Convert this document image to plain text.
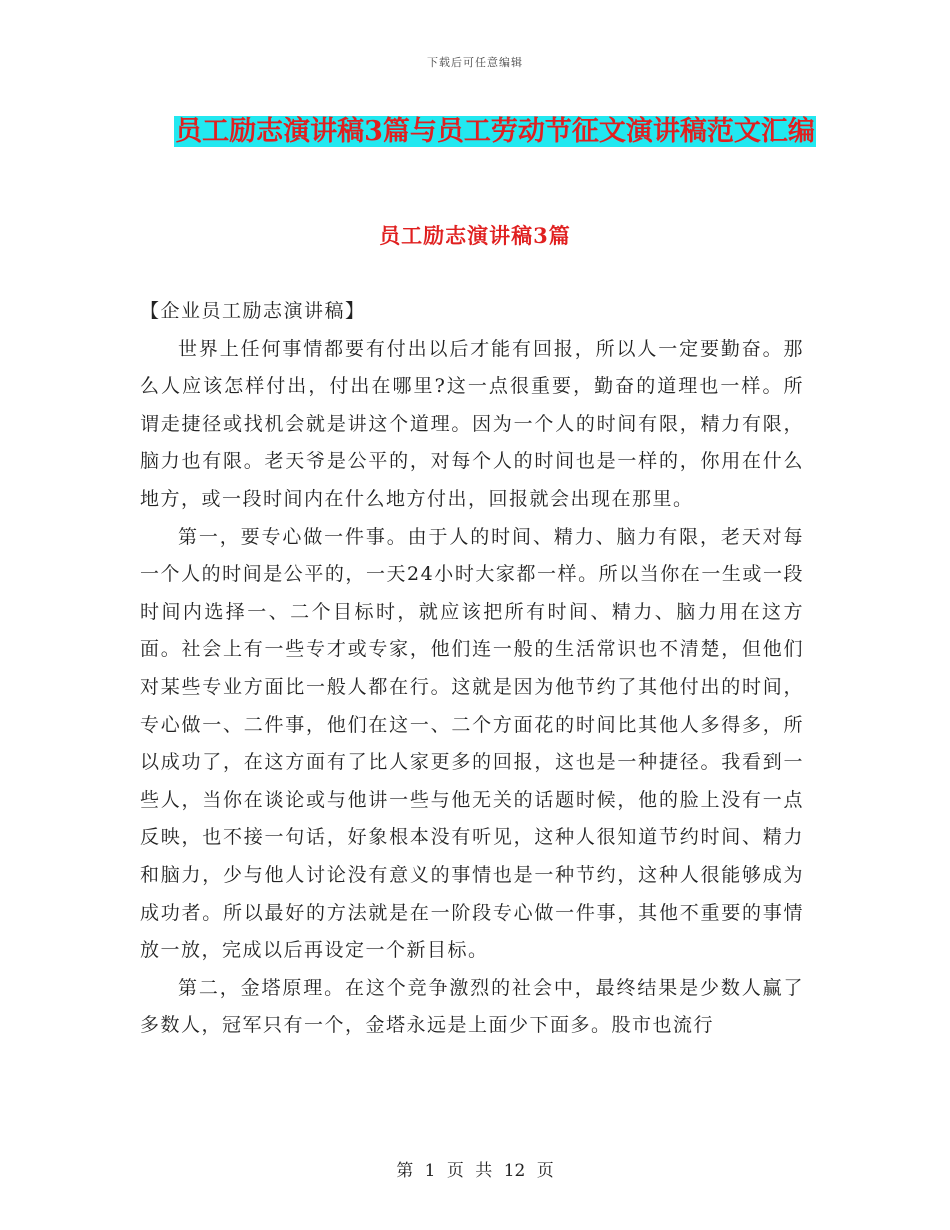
下载后可任意编辑
员工励志演讲稿3篇与员工劳动节征文演讲稿范文汇编
员工励志演讲稿3篇

【企业员工励志演讲稿】

世界上任何事情都要有付出以后才能有回报，所以人一定要勤奋。那么人应该怎样付出，付出在哪里?这一点很重要，勤奋的道理也一样。所谓走捷径或找机会就是讲这个道理。因为一个人的时间有限，精力有限，脑力也有限。老天爷是公平的，对每个人的时间也是一样的，你用在什么地方，或一段时间内在什么地方付出，回报就会出现在那里。

第一，要专心做一件事。由于人的时间、精力、脑力有限，老天对每一个人的时间是公平的，一天24小时大家都一样。所以当你在一生或一段时间内选择一、二个目标时，就应该把所有时间、精力、脑力用在这方面。社会上有一些专才或专家，他们连一般的生活常识也不清楚，但他们对某些专业方面比一般人都在行。这就是因为他节约了其他付出的时间，专心做一、二件事，他们在这一、二个方面花的时间比其他人多得多，所以成功了，在这方面有了比人家更多的回报，这也是一种捷径。我看到一些人，当你在谈论或与他讲一些与他无关的话题时候，他的脸上没有一点反映，也不接一句话，好象根本没有听见，这种人很知道节约时间、精力和脑力，少与他人讨论没有意义的事情也是一种节约，这种人很能够成为成功者。所以最好的方法就是在一阶段专心做一件事，其他不重要的事情放一放，完成以后再设定一个新目标。

第二，金塔原理。在这个竞争激烈的社会中，最终结果是少数人赢了多数人，冠军只有一个，金塔永远是上面少下面多。股市也流行

第 1 页 共 12 页
